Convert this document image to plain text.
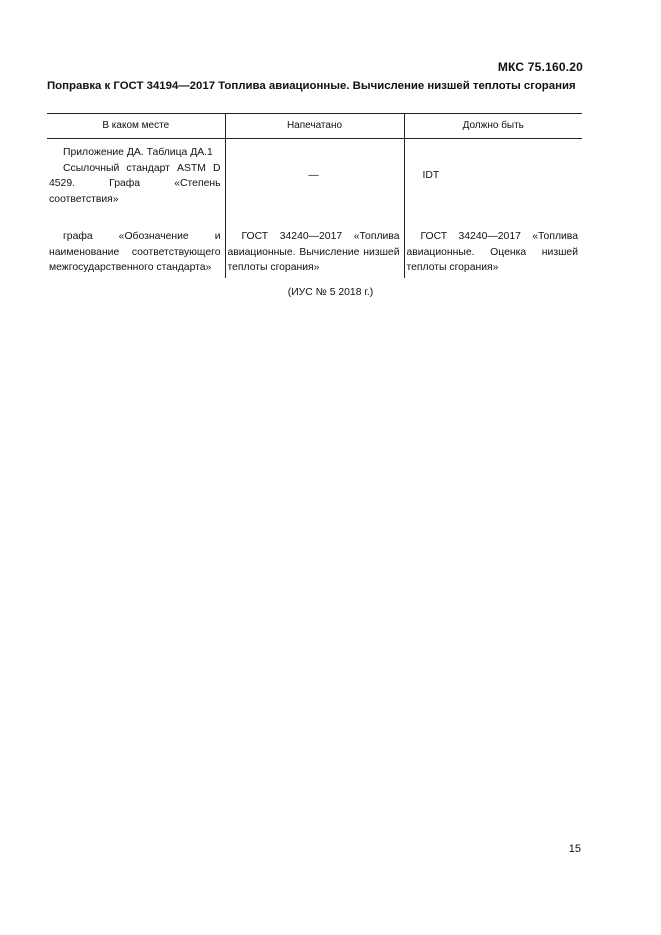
МКС 75.160.20
Поправка к ГОСТ 34194—2017 Топлива авиационные. Вычисление низшей теплоты сгорания
В каком месте	Напечатано	Должно быть

Приложение ДА. Таблица ДА.1

Ссылочный стандарт ASTM D 4529. Графа «Степень соответствия»	—	IDT

графа «Обозначение и наименование соответствующего межгосударственного стандарта»	ГОСТ 34240—2017 «Топлива авиационные. Вычисление низшей теплоты сгорания»	ГОСТ 34240—2017 «Топлива авиационные. Оценка низшей теплоты сгорания»

(ИУС № 5 2018 г.)
15
